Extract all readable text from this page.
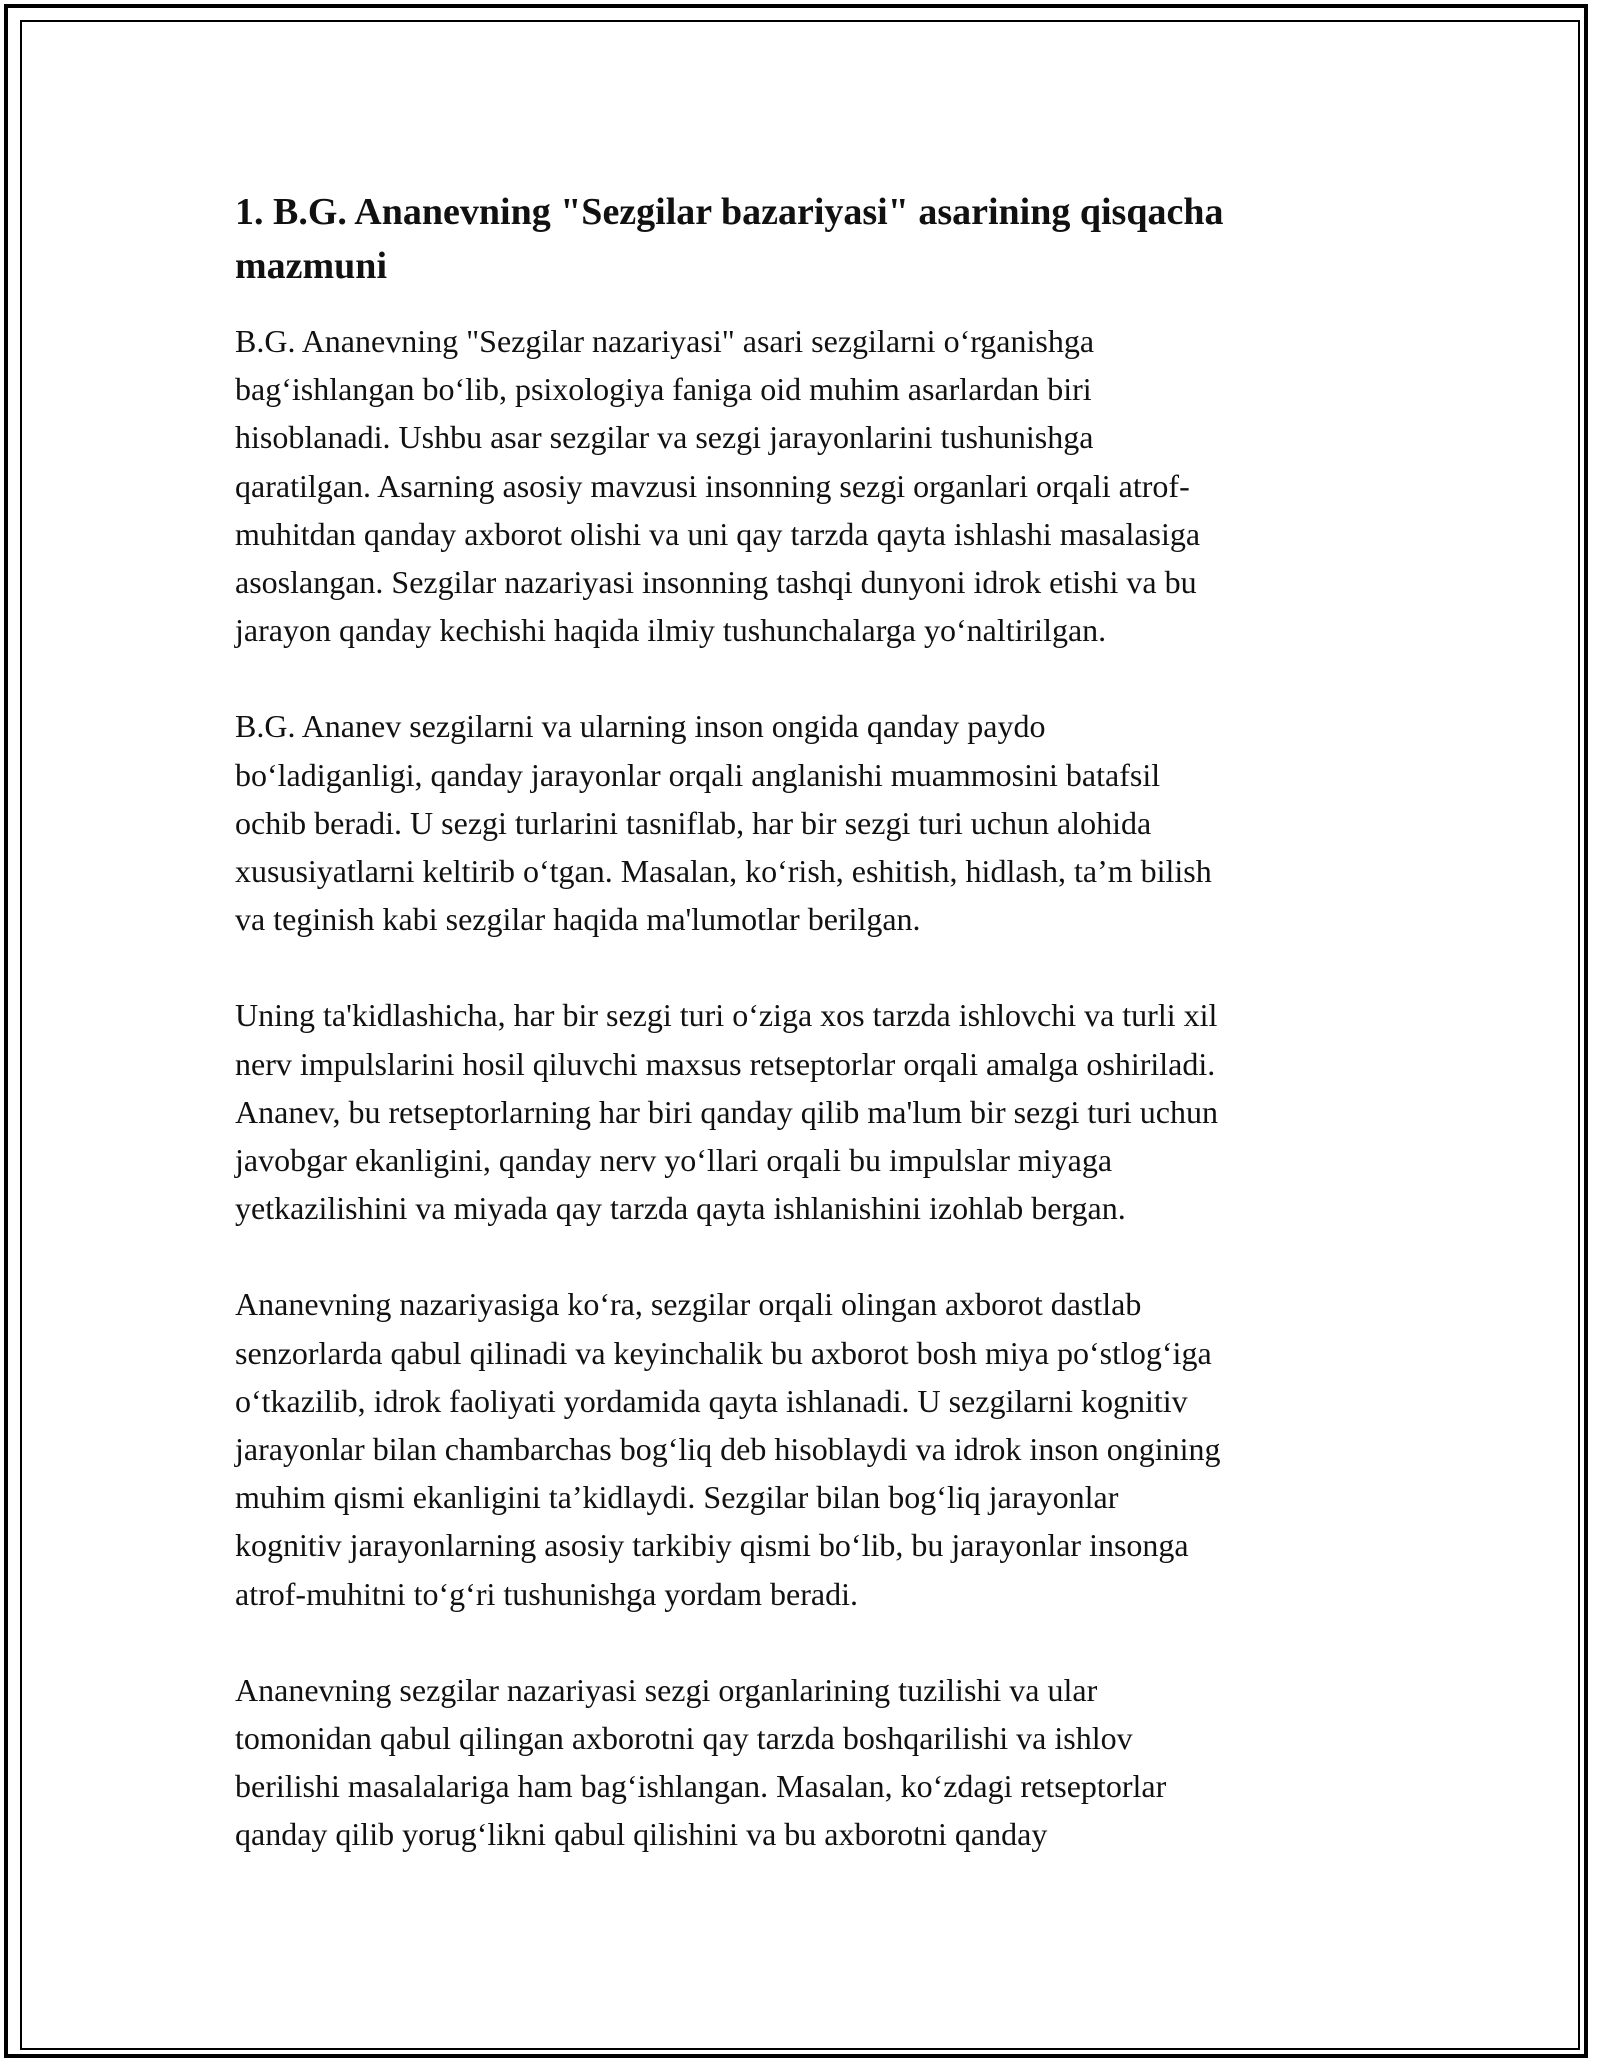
1. B.G. Ananevning "Sezgilar bazariyasi" asarining qisqacha mazmuni

B.G. Ananevning "Sezgilar nazariyasi" asari sezgilarni o‘rganishga
bag‘ishlangan bo‘lib, psixologiya faniga oid muhim asarlardan biri
hisoblanadi. Ushbu asar sezgilar va sezgi jarayonlarini tushunishga
qaratilgan. Asarning asosiy mavzusi insonning sezgi organlari orqali atrof-
muhitdan qanday axborot olishi va uni qay tarzda qayta ishlashi masalasiga
asoslangan. Sezgilar nazariyasi insonning tashqi dunyoni idrok etishi va bu
jarayon qanday kechishi haqida ilmiy tushunchalarga yo‘naltirilgan.

B.G. Ananev sezgilarni va ularning inson ongida qanday paydo
bo‘ladiganligi, qanday jarayonlar orqali anglanishi muammosini batafsil
ochib beradi. U sezgi turlarini tasniflab, har bir sezgi turi uchun alohida
xususiyatlarni keltirib o‘tgan. Masalan, ko‘rish, eshitish, hidlash, ta’m bilish
va teginish kabi sezgilar haqida ma'lumotlar berilgan.

Uning ta'kidlashicha, har bir sezgi turi o‘ziga xos tarzda ishlovchi va turli xil
nerv impulslarini hosil qiluvchi maxsus retseptorlar orqali amalga oshiriladi.
Ananev, bu retseptorlarning har biri qanday qilib ma'lum bir sezgi turi uchun
javobgar ekanligini, qanday nerv yo‘llari orqali bu impulslar miyaga
yetkazilishini va miyada qay tarzda qayta ishlanishini izohlab bergan.

Ananevning nazariyasiga ko‘ra, sezgilar orqali olingan axborot dastlab
senzorlarda qabul qilinadi va keyinchalik bu axborot bosh miya po‘stlog‘iga
o‘tkazilib, idrok faoliyati yordamida qayta ishlanadi. U sezgilarni kognitiv
jarayonlar bilan chambarchas bog‘liq deb hisoblaydi va idrok inson ongining
muhim qismi ekanligini ta’kidlaydi. Sezgilar bilan bog‘liq jarayonlar
kognitiv jarayonlarning asosiy tarkibiy qismi bo‘lib, bu jarayonlar insonga
atrof-muhitni to‘g‘ri tushunishga yordam beradi.

Ananevning sezgilar nazariyasi sezgi organlarining tuzilishi va ular
tomonidan qabul qilingan axborotni qay tarzda boshqarilishi va ishlov
berilishi masalalariga ham bag‘ishlangan. Masalan, ko‘zdagi retseptorlar
qanday qilib yorug‘likni qabul qilishini va bu axborotni qanday
